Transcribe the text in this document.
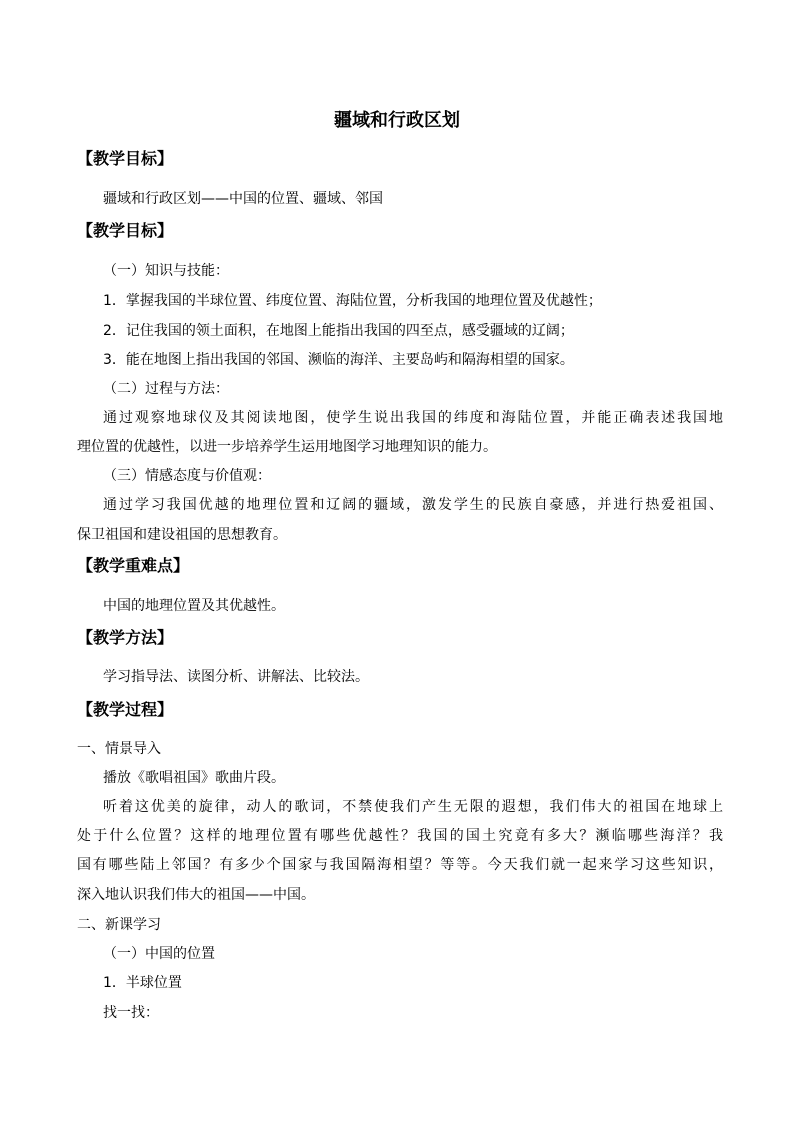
疆域和行政区划
【教学目标】
疆域和行政区划——中国的位置、疆域、邻国
【教学目标】
（一）知识与技能：
1．掌握我国的半球位置、纬度位置、海陆位置，分析我国的地理位置及优越性；
2．记住我国的领土面积，在地图上能指出我国的四至点，感受疆域的辽阔；
3．能在地图上指出我国的邻国、濒临的海洋、主要岛屿和隔海相望的国家。
（二）过程与方法：
通过观察地球仪及其阅读地图，使学生说出我国的纬度和海陆位置，并能正确表述我国地
理位置的优越性，以进一步培养学生运用地图学习地理知识的能力。
（三）情感态度与价值观：
通过学习我国优越的地理位置和辽阔的疆域，激发学生的民族自豪感，并进行热爱祖国、
保卫祖国和建设祖国的思想教育。
【教学重难点】
中国的地理位置及其优越性。
【教学方法】
学习指导法、读图分析、讲解法、比较法。
【教学过程】
一、情景导入
播放《歌唱祖国》歌曲片段。
听着这优美的旋律，动人的歌词，不禁使我们产生无限的遐想，我们伟大的祖国在地球上
处于什么位置？这样的地理位置有哪些优越性？我国的国土究竟有多大？濒临哪些海洋？我
国有哪些陆上邻国？有多少个国家与我国隔海相望？等等。今天我们就一起来学习这些知识，
深入地认识我们伟大的祖国——中国。
二、新课学习
（一）中国的位置
1．半球位置
找一找：
